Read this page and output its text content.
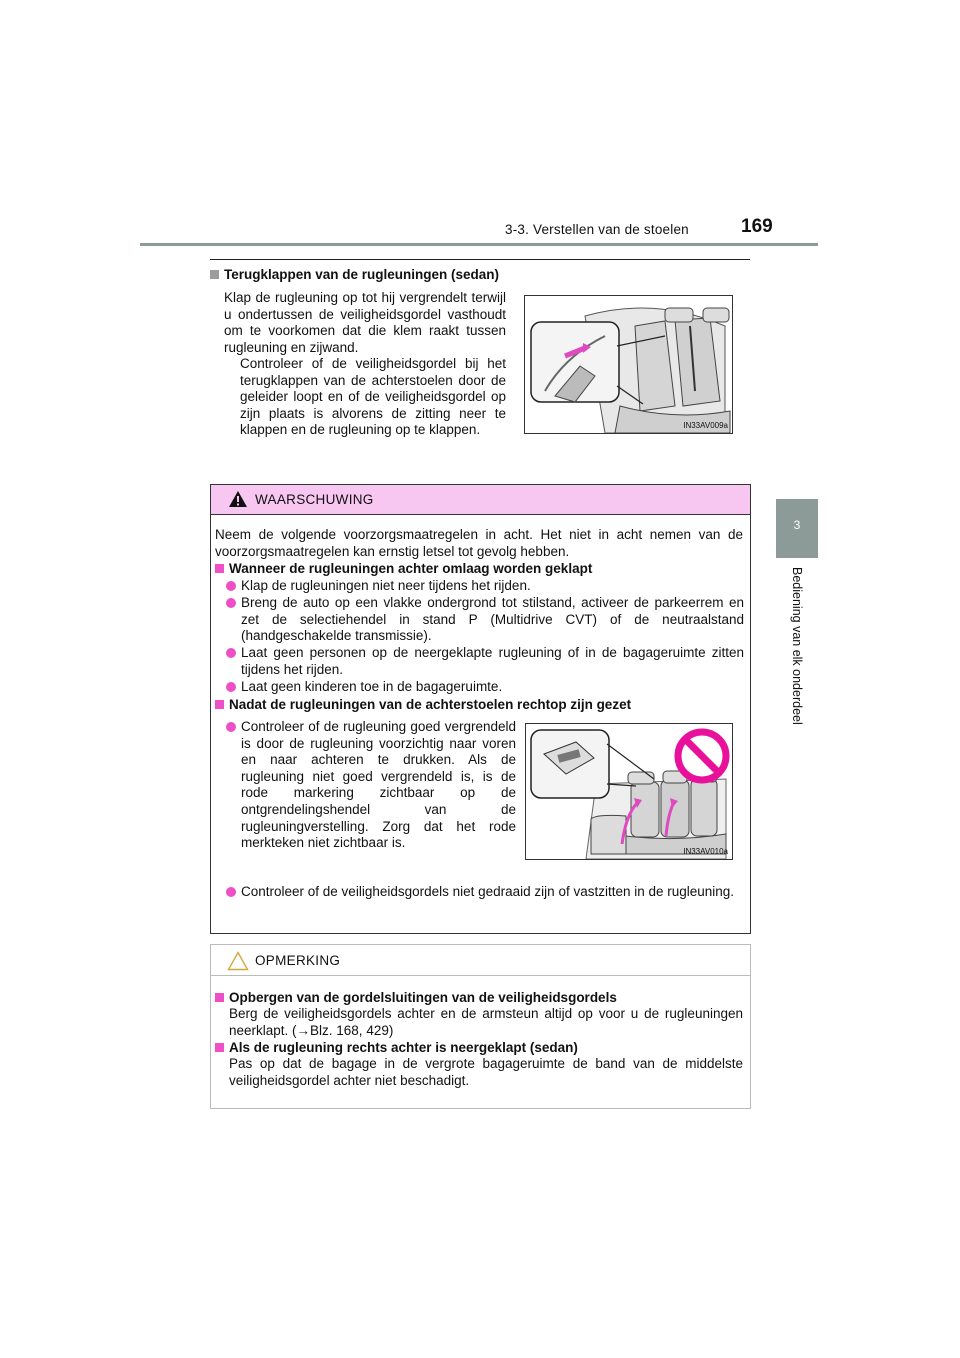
3-3. Verstellen van de stoelen	169
3
Bediening van elk onderdeel
Terugklappen van de rugleuningen (sedan)
Klap de rugleuning op tot hij vergrendelt terwijl u ondertussen de veiligheidsgordel vasthoudt om te voorkomen dat die klem raakt tussen rugleuning en zijwand.
Controleer of de veiligheidsgordel bij het terugklappen van de achterstoelen door de geleider loopt en of de veiligheidsgordel op zijn plaats is alvorens de zitting neer te klappen en de rugleuning op te klappen.	IN33AV009a
WAARSCHUWING
Neem de volgende voorzorgsmaatregelen in acht. Het niet in acht nemen van de voorzorgsmaatregelen kan ernstig letsel tot gevolg hebben.
Wanneer de rugleuningen achter omlaag worden geklapt
Klap de rugleuningen niet neer tijdens het rijden.
Breng de auto op een vlakke ondergrond tot stilstand, activeer de parkeerrem en zet de selectiehendel in stand P (Multidrive CVT) of de neutraalstand (handgeschakelde transmissie).
Laat geen personen op de neergeklapte rugleuning of in de bagageruimte zitten tijdens het rijden.
Laat geen kinderen toe in de bagageruimte.
Nadat de rugleuningen van de achterstoelen rechtop zijn gezet
Controleer of de rugleuning goed vergrendeld is door de rugleuning voorzichtig naar voren en naar achteren te drukken. Als de rugleuning niet goed vergrendeld is, is de rode markering zichtbaar op de ontgrendelingshendel van de rugleuningverstelling. Zorg dat het rode merkteken niet zichtbaar is.
IN33AV010a
Controleer of de veiligheidsgordels niet gedraaid zijn of vastzitten in de rugleuning.
OPMERKING
Opbergen van de gordelsluitingen van de veiligheidsgordels
Berg de veiligheidsgordels achter en de armsteun altijd op voor u de rugleuningen neerklapt. (→Blz. 168, 429)
Als de rugleuning rechts achter is neergeklapt (sedan)
Pas op dat de bagage in de vergrote bagageruimte de band van de middelste veiligheidsgordel achter niet beschadigt.
